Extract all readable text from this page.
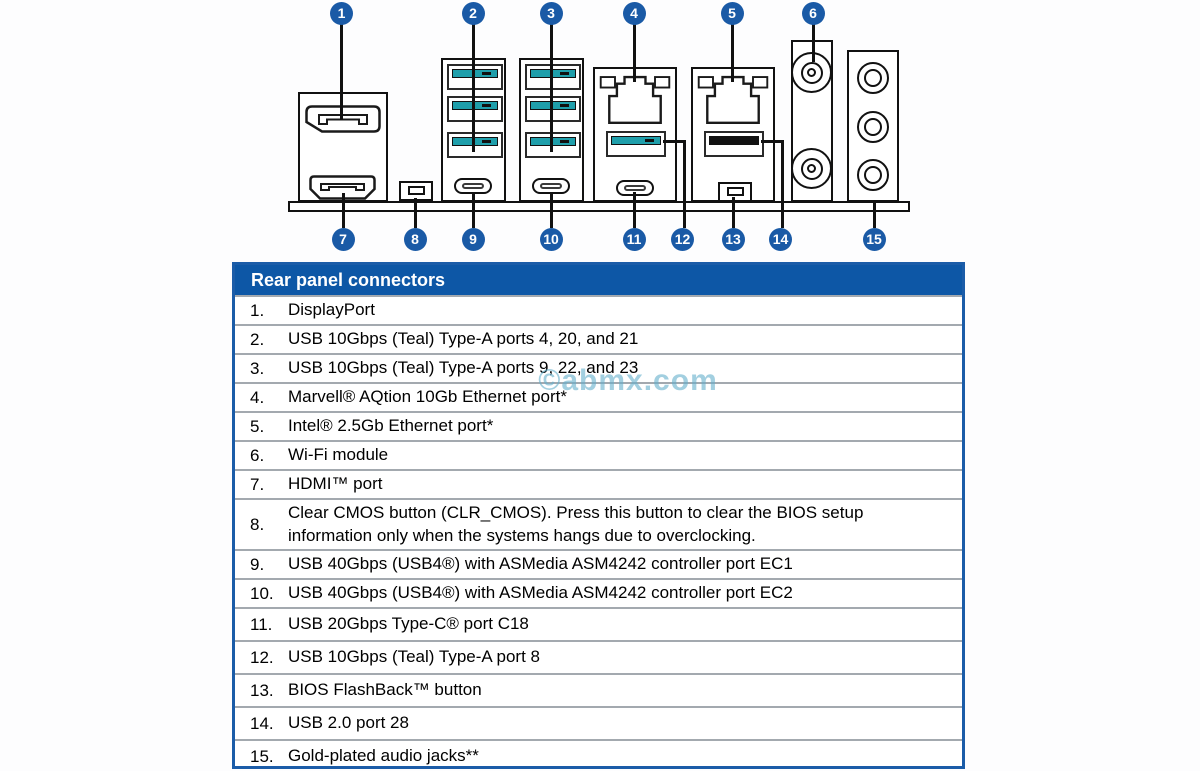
1	2	3	4	5	6
7	8	9	10	11 12 13 14	15
©abmx.com
Rear panel connectors
1.	DisplayPort
2.	USB 10Gbps (Teal) Type-A ports 4, 20, and 21
3.	USB 10Gbps (Teal) Type-A ports 9, 22, and 23
4.	Marvell® AQtion 10Gb Ethernet port*
5.	Intel® 2.5Gb Ethernet port*
6.	Wi-Fi module
7.	HDMI™ port
8.
Clear CMOS button (CLR_CMOS). Press this button to clear the BIOS setup information only when the systems hangs due to overclocking.
9.	USB 40Gbps (USB4®) with ASMedia ASM4242 controller port EC1
10. USB 40Gbps (USB4®) with ASMedia ASM4242 controller port EC2
11. USB 20Gbps Type-C® port C18
12. USB 10Gbps (Teal) Type-A port 8
13. BIOS FlashBack™ button
14. USB 2.0 port 28
15. Gold-plated audio jacks**
